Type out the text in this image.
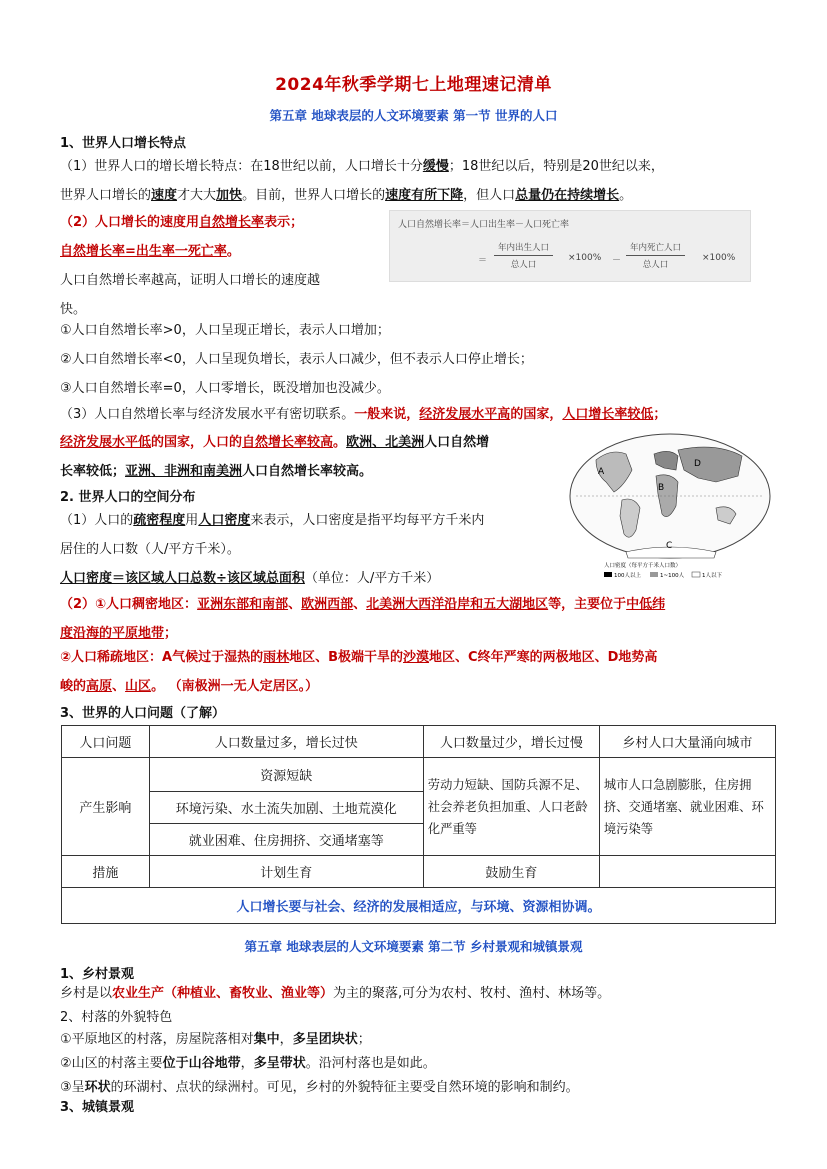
2024年秋季学期七上地理速记清单
第五章 地球表层的人文环境要素 第一节 世界的人口
1、世界人口增长特点
（1）世界人口的增长增长特点：在18世纪以前，人口增长十分缓慢；18世纪以后，特别是20世纪以来，
世界人口增长的速度才大大加快。目前，世界人口增长的速度有所下降，但人口总量仍在持续增长。
（2）人口增长的速度用自然增长率表示；
自然增长率=出生率一死亡率。
人口自然增长率越高，证明人口增长的速度越
快。
人口自然增长率＝人口出生率－人口死亡率
＝
年内出生人口
总人口
×100% －
年内死亡人口
总人口
×100%
①人口自然增长率>0，人口呈现正增长，表示人口增加；
②人口自然增长率<0，人口呈现负增长，表示人口减少，但不表示人口停止增长；
③人口自然增长率=0，人口零增长，既没增加也没减少。
（3）人口自然增长率与经济发展水平有密切联系。一般来说，经济发展水平高的国家，人口增长率较低；
经济发展水平低的国家，人口的自然增长率较高。欧洲、北美洲人口自然增
长率较低；亚洲、非洲和南美洲人口自然增长率较高。
2. 世界人口的空间分布
（1）人口的疏密程度用人口密度来表示，人口密度是指平均每平方千米内
居住的人口数（人/平方千米）。
人口密度＝该区域人口总数÷该区域总面积（单位：人/平方千米）
A
D
B
C
人口密度（每平方千米人口数）
100人以上	1~100人	1人以下
（2）①人口稠密地区：亚洲东部和南部、欧洲西部、北美洲大西洋沿岸和五大湖地区等，主要位于中低纬
度沿海的平原地带；
②人口稀疏地区：A气候过于湿热的雨林地区、B极端干旱的沙漠地区、C终年严寒的两极地区、D地势高
峻的高原、山区。 （南极洲一无人定居区。）
3、世界的人口问题（了解）
人口问题	人口数量过多，增长过快	人口数量过少，增长过慢	乡村人口大量涌向城市
产生影响	资源短缺	劳动力短缺、国防兵源不足、社会养老负担加重、人口老龄化严重等	城市人口急剧膨胀，住房拥挤、交通堵塞、就业困难、环境污染等
	环境污染、水土流失加剧、土地荒漠化		
	就业困难、住房拥挤、交通堵塞等		
措施	计划生育	鼓励生育	
人口增长要与社会、经济的发展相适应，与环境、资源相协调。			
第五章 地球表层的人文环境要素 第二节 乡村景观和城镇景观
1、乡村景观
乡村是以农业生产（种植业、畜牧业、渔业等）为主的聚落,可分为农村、牧村、渔村、林场等。
2、村落的外貌特色
①平原地区的村落，房屋院落相对集中，多呈团块状；
②山区的村落主要位于山谷地带，多呈带状。沿河村落也是如此。
③呈环状的环湖村、点状的绿洲村。可见，乡村的外貌特征主要受自然环境的影响和制约。
3、城镇景观
